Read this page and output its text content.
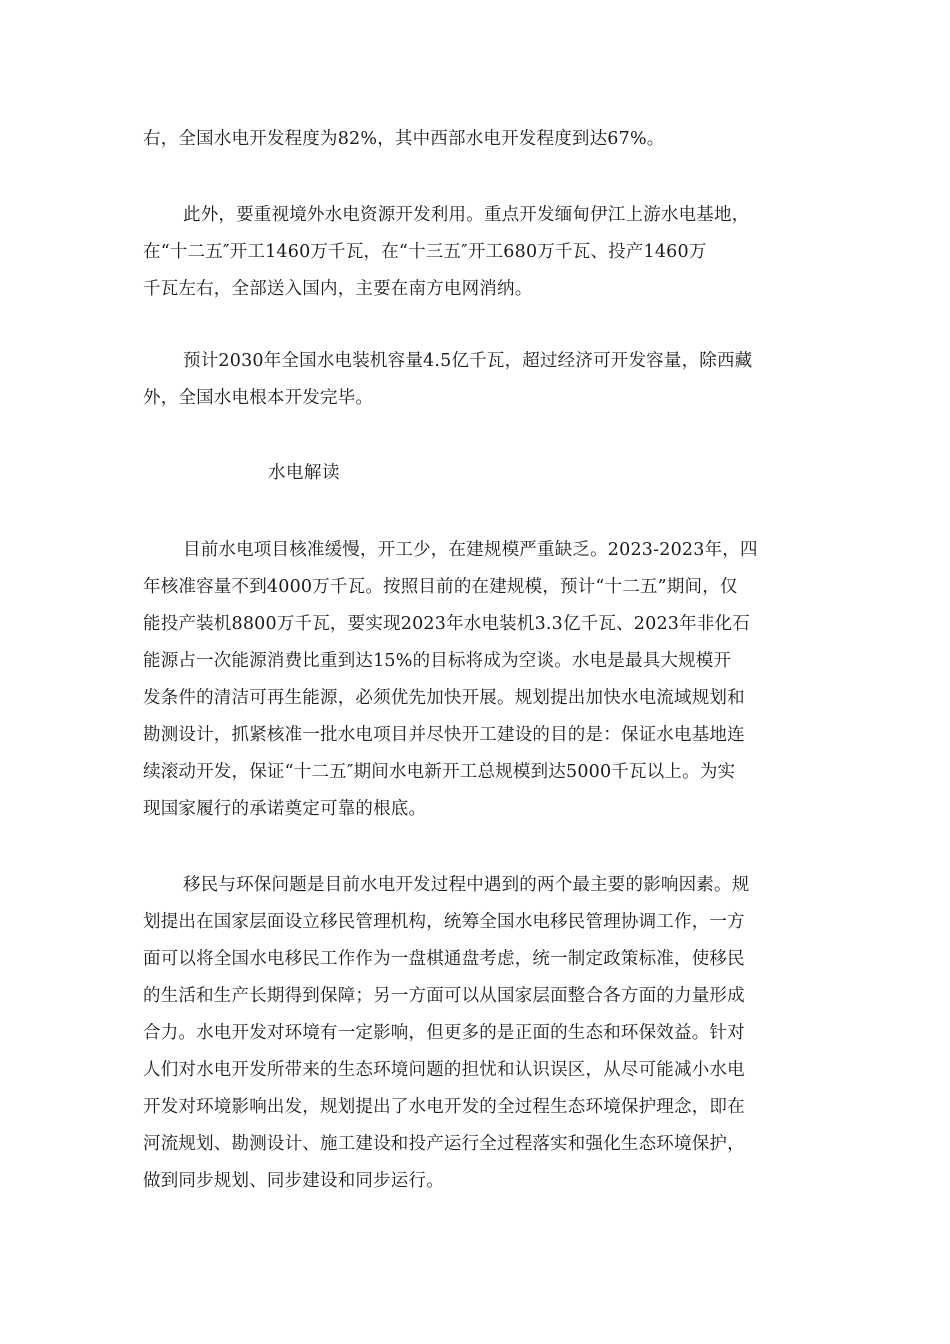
右，全国水电开发程度为82%，其中西部水电开发程度到达67%。
此外，要重视境外水电资源开发利用。重点开发缅甸伊江上游水电基地，
在“十二五″开工1460万千瓦，在“十三五″开工680万千瓦、投产1460万
千瓦左右，全部送入国内，主要在南方电网消纳。
预计2030年全国水电装机容量4.5亿千瓦，超过经济可开发容量，除西藏
外，全国水电根本开发完毕。
水电解读
目前水电项目核准缓慢，开工少，在建规模严重缺乏。2023-2023年，四
年核准容量不到4000万千瓦。按照目前的在建规模，预计“十二五”期间，仅
能投产装机8800万千瓦，要实现2023年水电装机3.3亿千瓦、2023年非化石
能源占一次能源消费比重到达15%的目标将成为空谈。水电是最具大规模开
发条件的清洁可再生能源，必须优先加快开展。规划提出加快水电流域规划和
勘测设计，抓紧核准一批水电项目并尽快开工建设的目的是：保证水电基地连
续滚动开发，保证“十二五″期间水电新开工总规模到达5000千瓦以上。为实
现国家履行的承诺奠定可靠的根底。
移民与环保问题是目前水电开发过程中遇到的两个最主要的影响因素。规
划提出在国家层面设立移民管理机构，统筹全国水电移民管理协调工作，一方
面可以将全国水电移民工作作为一盘棋通盘考虑，统一制定政策标准，使移民
的生活和生产长期得到保障；另一方面可以从国家层面整合各方面的力量形成
合力。水电开发对环境有一定影响，但更多的是正面的生态和环保效益。针对
人们对水电开发所带来的生态环境问题的担忧和认识误区，从尽可能减小水电
开发对环境影响出发，规划提出了水电开发的全过程生态环境保护理念，即在
河流规划、勘测设计、施工建设和投产运行全过程落实和强化生态环境保护，
做到同步规划、同步建设和同步运行。
